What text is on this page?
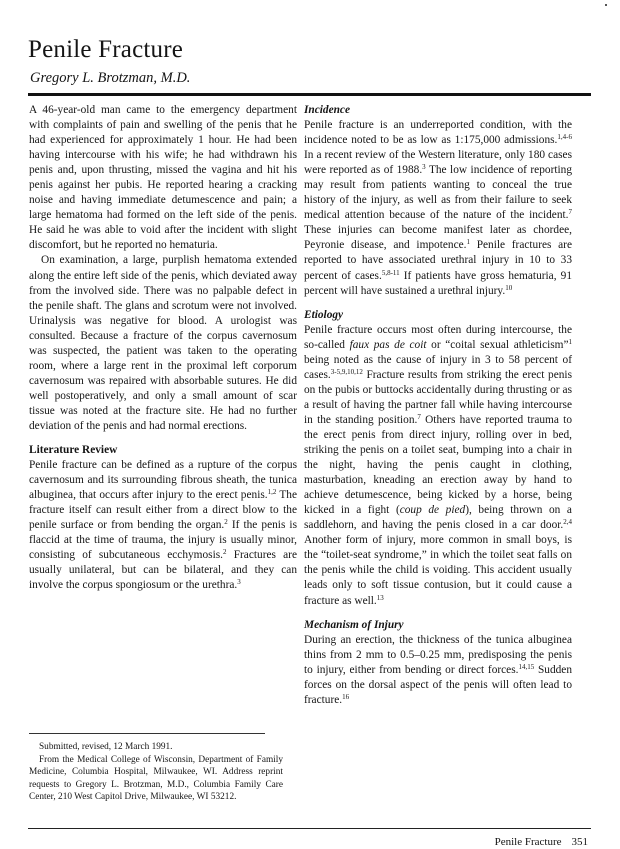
Penile Fracture

Gregory L. Brotzman, M.D.

A 46-year-old man came to the emergency department with complaints of pain and swelling of the penis that he had experienced for approximately 1 hour. He had been having intercourse with his wife; he had withdrawn his penis and, upon thrusting, missed the vagina and hit his penis against her pubis. He reported hearing a cracking noise and having immediate detumescence and pain; a large hematoma had formed on the left side of the penis. He said he was able to void after the incident with slight discomfort, but he reported no hematuria.

On examination, a large, purplish hematoma extended along the entire left side of the penis, which deviated away from the involved side. There was no palpable defect in the penile shaft. The glans and scrotum were not involved. Urinalysis was negative for blood. A urologist was consulted. Because a fracture of the corpus cavernosum was suspected, the patient was taken to the operating room, where a large rent in the proximal left corporum cavernosum was repaired with absorbable sutures. He did well postoperatively, and only a small amount of scar tissue was noted at the fracture site. He had no further deviation of the penis and had normal erections.

Literature Review

Penile fracture can be defined as a rupture of the corpus cavernosum and its surrounding fibrous sheath, the tunica albuginea, that occurs after injury to the erect penis.$^{1,2}$ The fracture itself can result either from a direct blow to the penile surface or from bending the organ.$^2$ If the penis is flaccid at the time of trauma, the injury is usually minor, consisting of subcutaneous ecchymosis.$^2$ Fractures are usually unilateral, but can be bilateral, and they can involve the corpus spongiosum or the urethra.$^3$

Submitted, revised, 12 March 1991.

From the Medical College of Wisconsin, Department of Family Medicine, Columbia Hospital, Milwaukee, WI. Address reprint requests to Gregory L. Brotzman, M.D., Columbia Family Care Center, 210 West Capitol Drive, Milwaukee, WI 53212.

Incidence

Penile fracture is an underreported condition, with the incidence noted to be as low as 1:175,000 admissions.$^{1,4-6}$ In a recent review of the Western literature, only 180 cases were reported as of 1988.$^3$ The low incidence of reporting may result from patients wanting to conceal the true history of the injury, as well as from their failure to seek medical attention because of the nature of the incident.$^7$ These injuries can become manifest later as chordee, Peyronie disease, and impotence.$^1$ Penile fractures are reported to have associated urethral injury in 10 to 33 percent of cases.$^{5,8-11}$ If patients have gross hematuria, 91 percent will have sustained a urethral injury.$^{10}$

Etiology

Penile fracture occurs most often during intercourse, the so-called faux pas de coit or “coital sexual athleticism”$^1$ being noted as the cause of injury in 3 to 58 percent of cases.$^{3-5,9,10,12}$ Fracture results from striking the erect penis on the pubis or buttocks accidentally during thrusting or as a result of having the partner fall while having intercourse in the standing position.$^7$ Others have reported trauma to the erect penis from direct injury, rolling over in bed, striking the penis on a toilet seat, bumping into a chair in the night, having the penis caught in clothing, masturbation, kneading an erection away by hand to achieve detumescence, being kicked by a horse, being kicked in a fight (coup de pied), being thrown on a saddlehorn, and having the penis closed in a car door.$^{2,4}$ Another form of injury, more common in small boys, is the “toilet-seat syndrome,” in which the toilet seat falls on the penis while the child is voiding. This accident usually leads only to soft tissue contusion, but it could cause a fracture as well.$^{13}$

Mechanism of Injury

During an erection, the thickness of the tunica albuginea thins from 2 mm to 0.5–0.25 mm, predisposing the penis to injury, either from bending or direct forces.$^{14,15}$ Sudden forces on the dorsal aspect of the penis will often lead to fracture.$^{16}$

Penile Fracture 351
